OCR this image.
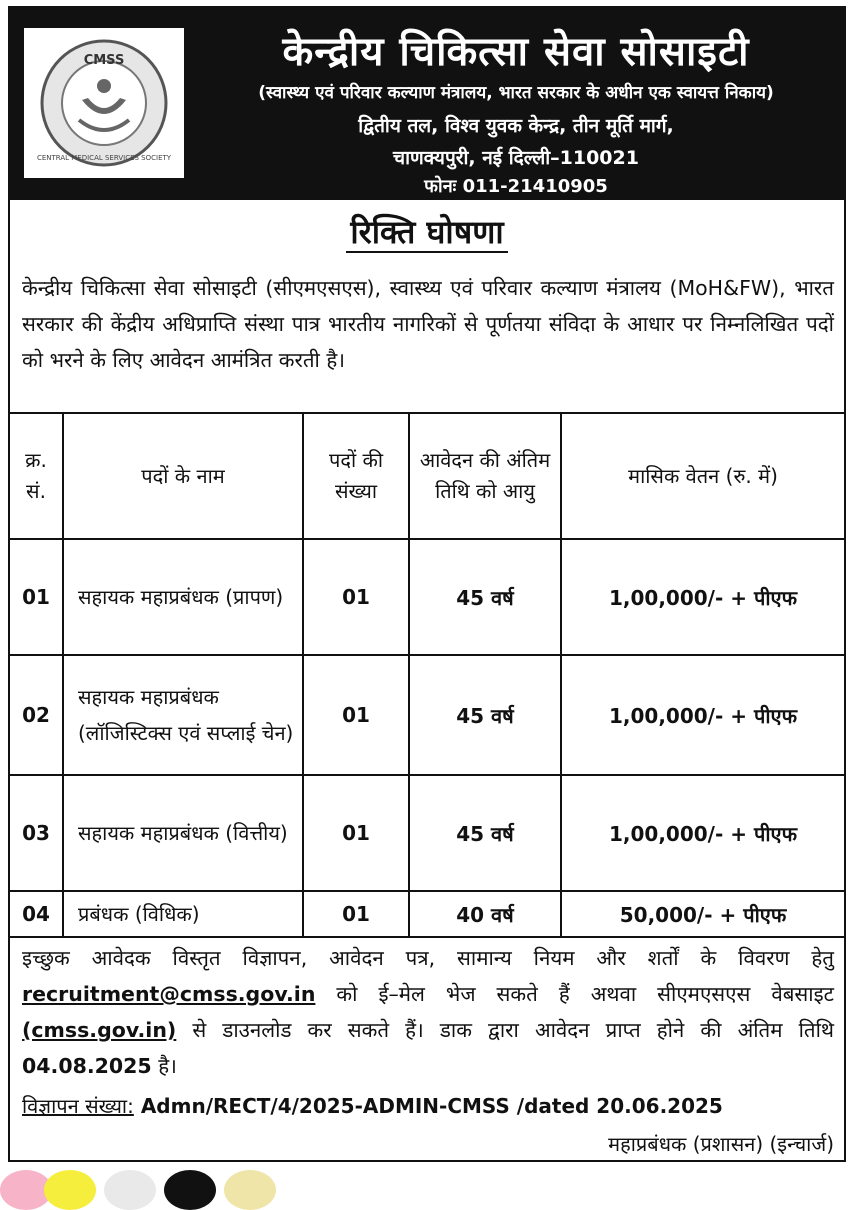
CMSS
CENTRAL MEDICAL SERVICES SOCIETY
केन्द्रीय चिकित्सा सेवा सोसाइटी
(स्वास्थ्य एवं परिवार कल्याण मंत्रालय, भारत सरकार के अधीन एक स्वायत्त निकाय)
द्वितीय तल, विश्व युवक केन्द्र, तीन मूर्ति मार्ग,
चाणक्यपुरी, नई दिल्ली–110021
फोनः 011-21410905
रिक्ति घोषणा
केन्द्रीय चिकित्सा सेवा सोसाइटी (सीएमएसएस), स्वास्थ्य एवं परिवार कल्याण मंत्रालय (MoH&FW), भारत सरकार की केंद्रीय अधिप्राप्ति संस्था पात्र भारतीय नागरिकों से पूर्णतया संविदा के आधार पर निम्नलिखित पदों को भरने के लिए आवेदन आमंत्रित करती है।
क्र. सं.	पदों के नाम	पदों की संख्या	आवेदन की अंतिम तिथि को आयु	मासिक वेतन (रु. में)
01	सहायक महाप्रबंधक (प्रापण)	01	45 वर्ष	1,00,000/- + पीएफ
02	सहायक महाप्रबंधक (लॉजिस्टिक्स एवं सप्लाई चेन)	01	45 वर्ष	1,00,000/- + पीएफ
03	सहायक महाप्रबंधक (वित्तीय)	01	45 वर्ष	1,00,000/- + पीएफ
04	प्रबंधक (विधिक)	01	40 वर्ष	50,000/- + पीएफ
इच्छुक आवेदक विस्तृत विज्ञापन, आवेदन पत्र, सामान्य नियम और शर्तों के विवरण हेतु recruitment@cmss.gov.in को ई–मेल भेज सकते हैं अथवा सीएमएसएस वेबसाइट (cmss.gov.in) से डाउनलोड कर सकते हैं। डाक द्वारा आवेदन प्राप्त होने की अंतिम तिथि 04.08.2025 है।
विज्ञापन संख्या: Admn/RECT/4/2025-ADMIN-CMSS /dated 20.06.2025
महाप्रबंधक (प्रशासन) (इन्चार्ज)
